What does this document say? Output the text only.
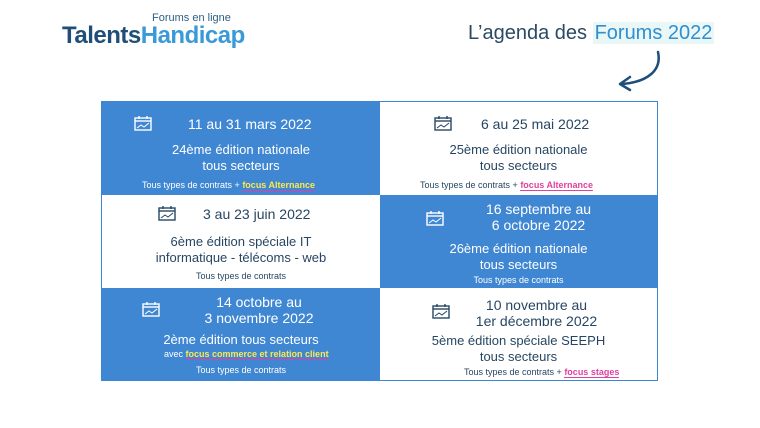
Forums en ligne
TalentsHandicap	L’agenda des Forums 2022
11 au 31 mars 2022
24ème édition nationale
tous secteurs
Tous types de contrats + focus Alternance
6 au 25 mai 2022
25ème édition nationale
tous secteurs
Tous types de contrats + focus Alternance
3 au 23 juin 2022
6ème édition spéciale IT
informatique - télécoms - web
Tous types de contrats
16 septembre au
6 octobre 2022
26ème édition nationale
tous secteurs
Tous types de contrats
14 octobre au
3 novembre 2022
2ème édition tous secteurs
avec focus commerce et relation client
Tous types de contrats
10 novembre au
1er décembre 2022
5ème édition spéciale SEEPH
tous secteurs
Tous types de contrats + focus stages
